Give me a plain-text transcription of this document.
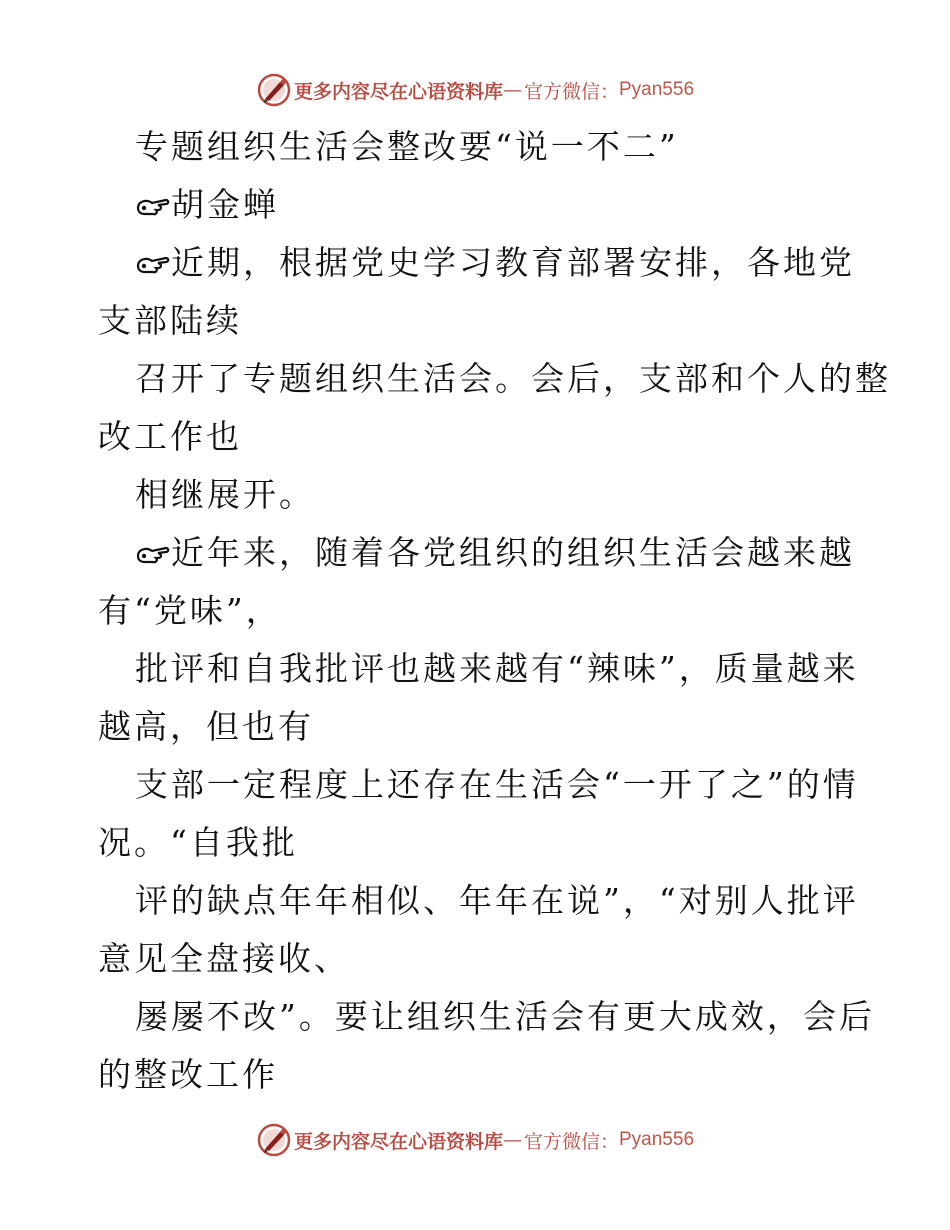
更多内容尽在心语资料库 — 官方微信： Pyan556
专题组织生活会整改要“说一不二”
胡金蝉
近期，根据党史学习教育部署安排，各地党
支部陆续
召开了专题组织生活会。会后，支部和个人的整
改工作也
相继展开。
近年来，随着各党组织的组织生活会越来越
有“党味”，
批评和自我批评也越来越有“辣味”，质量越来
越高，但也有
支部一定程度上还存在生活会“一开了之”的情
况。“自我批
评的缺点年年相似、年年在说”，“对别人批评
意见全盘接收、
屡屡不改”。要让组织生活会有更大成效，会后
的整改工作
更多内容尽在心语资料库 — 官方微信： Pyan556
